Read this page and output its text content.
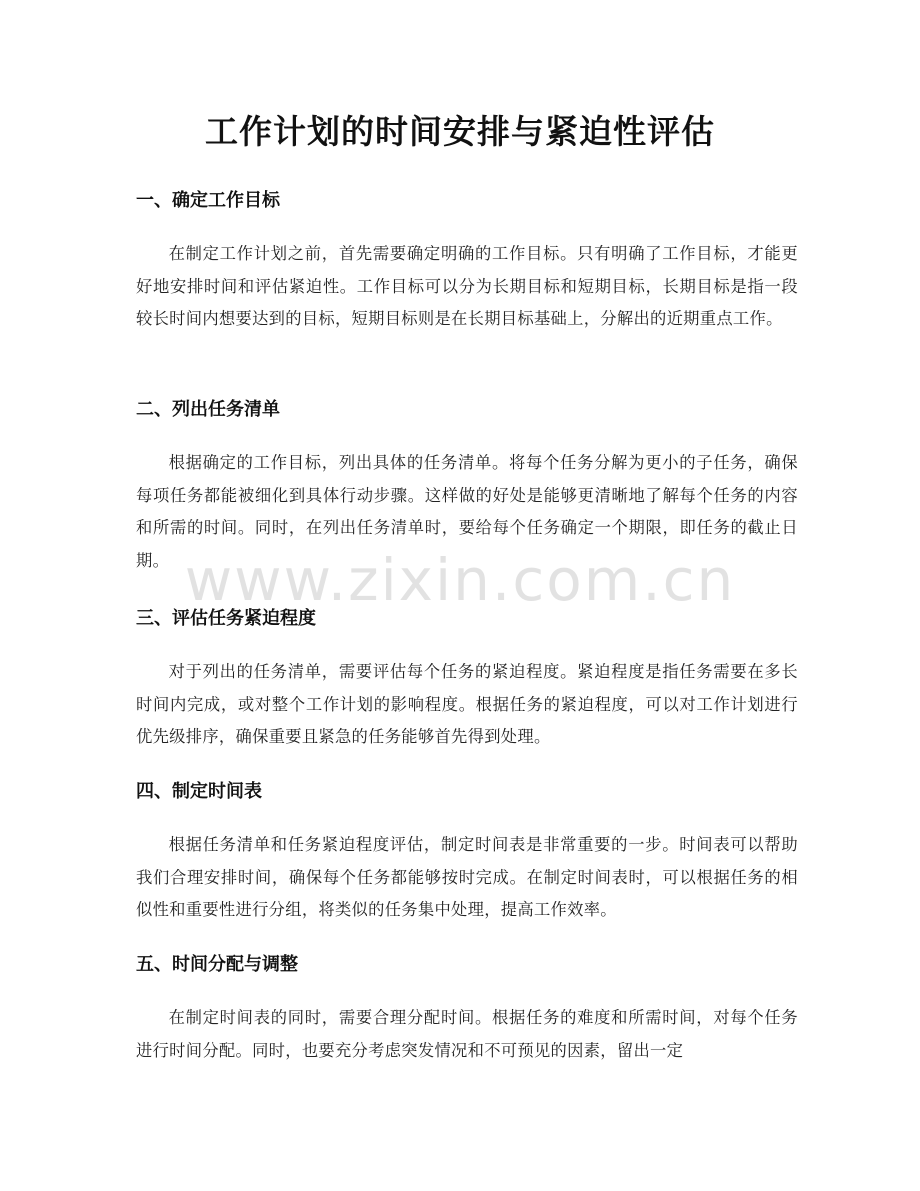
工作计划的时间安排与紧迫性评估
一、确定工作目标

在制定工作计划之前，首先需要确定明确的工作目标。只有明确了工作目标，才能更好地安排时间和评估紧迫性。工作目标可以分为长期目标和短期目标，长期目标是指一段较长时间内想要达到的目标，短期目标则是在长期目标基础上，分解出的近期重点工作。

二、列出任务清单

根据确定的工作目标，列出具体的任务清单。将每个任务分解为更小的子任务，确保每项任务都能被细化到具体行动步骤。这样做的好处是能够更清晰地了解每个任务的内容和所需的时间。同时，在列出任务清单时，要给每个任务确定一个期限，即任务的截止日期。

三、评估任务紧迫程度

对于列出的任务清单，需要评估每个任务的紧迫程度。紧迫程度是指任务需要在多长时间内完成，或对整个工作计划的影响程度。根据任务的紧迫程度，可以对工作计划进行优先级排序，确保重要且紧急的任务能够首先得到处理。

四、制定时间表

根据任务清单和任务紧迫程度评估，制定时间表是非常重要的一步。时间表可以帮助我们合理安排时间，确保每个任务都能够按时完成。在制定时间表时，可以根据任务的相似性和重要性进行分组，将类似的任务集中处理，提高工作效率。

五、时间分配与调整

在制定时间表的同时，需要合理分配时间。根据任务的难度和所需时间，对每个任务进行时间分配。同时，也要充分考虑突发情况和不可预见的因素，留出一定

www.zixin.com.cn
